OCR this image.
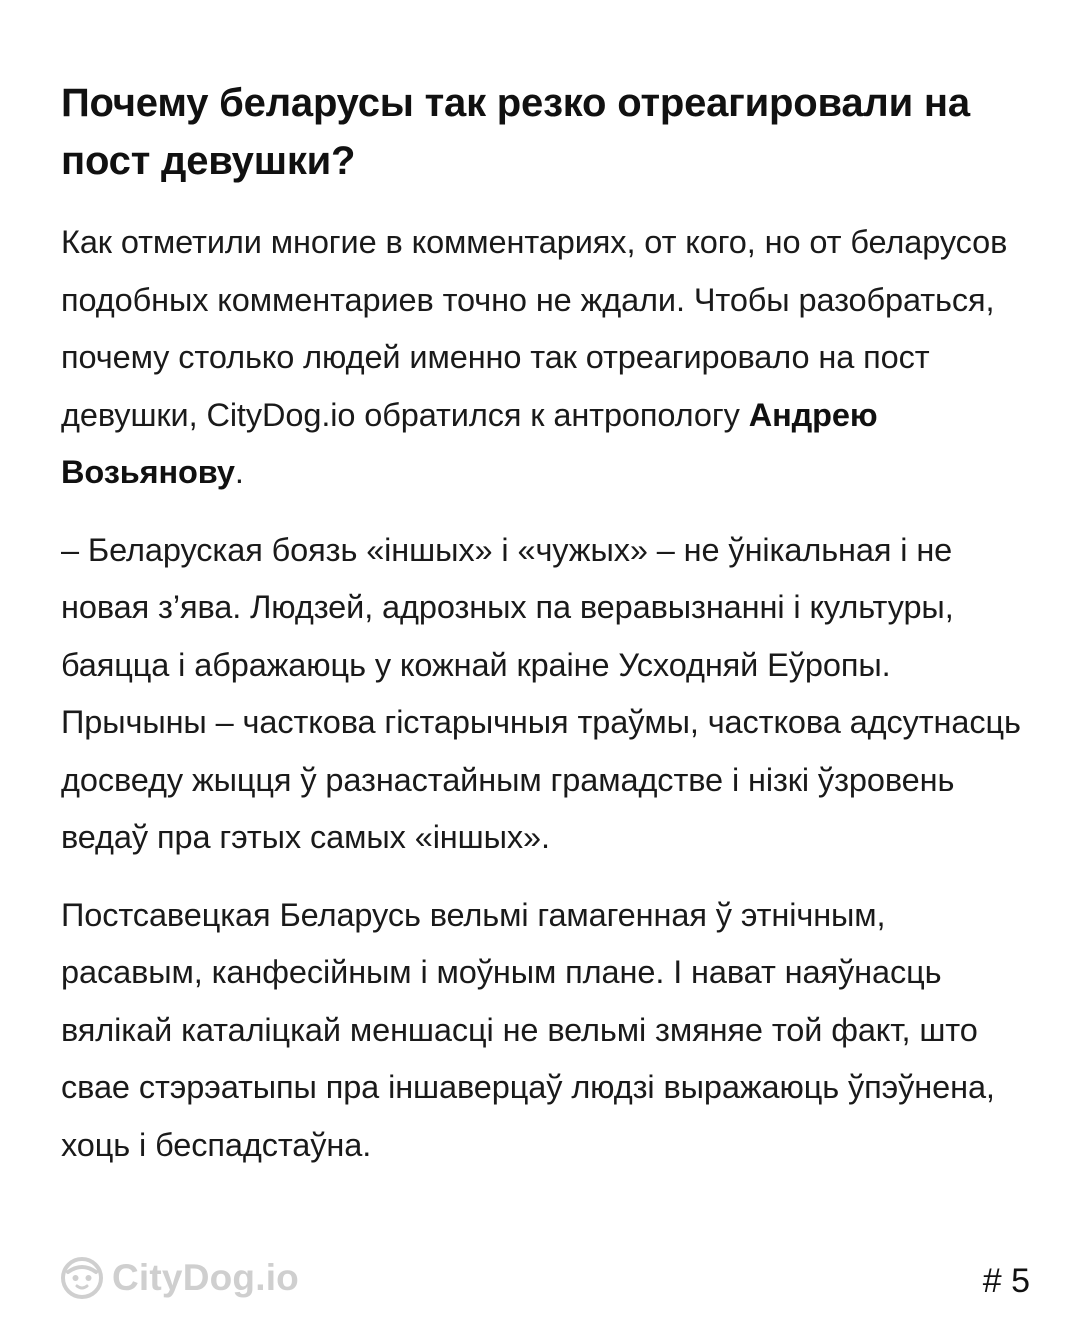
Почему беларусы так резко отреагировали на пост девушки?

Как отметили многие в комментариях, от кого, но от беларусов подобных комментариев точно не ждали. Чтобы разобраться, почему столько людей именно так отреагировало на пост девушки, CityDog.io обратился к антропологу Андрею Возьянову.

– Беларуская боязь «іншых» і «чужых» – не ўнікальная і не новая з’ява. Людзей, адрозных па веравызнанні і культуры, баяцца і абражаюць у кожнай краіне Усходняй Еўропы. Прычыны – часткова гістарычныя траўмы, часткова адсутнасць досведу жыцця ў разнастайным грамадстве і нізкі ўзровень ведаў пра гэтых самых «іншых».

Постсавецкая Беларусь вельмі гамагенная ў этнічным, расавым, канфесійным і моўным плане. І нават наяўнасць вялікай каталіцкай меншасці не вельмі змяняе той факт, што свае стэрэатыпы пра іншаверцаў людзі выражаюць ўпэўнена, хоць і беспадстаўна.

CityDog.io	# 5
